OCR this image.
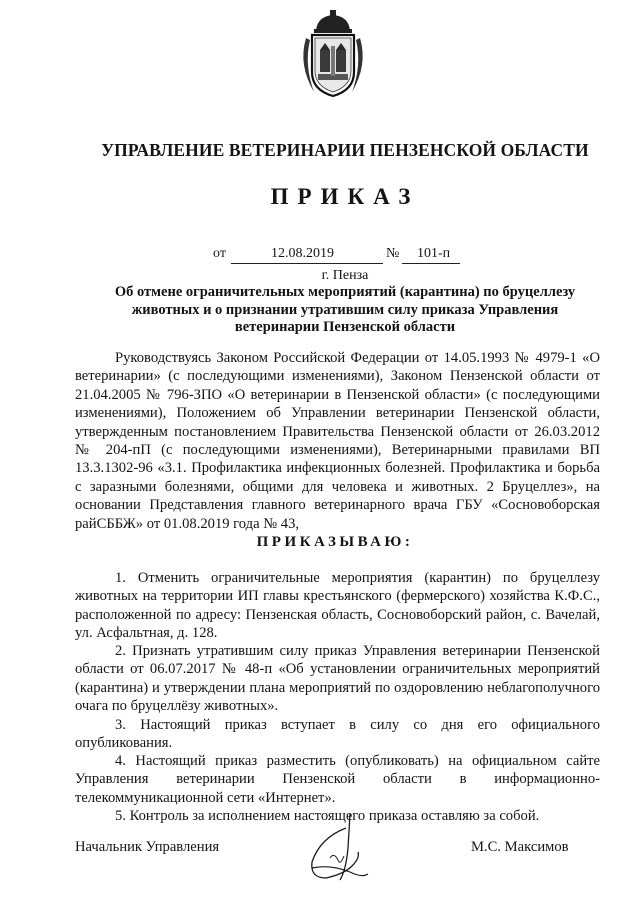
УПРАВЛЕНИЕ ВЕТЕРИНАРИИ ПЕНЗЕНСКОЙ ОБЛАСТИ
ПРИКАЗ
от	12.08.2019	№ 101-п
г. Пенза
Об отмене ограничительных мероприятий (карантина) по бруцеллезу животных и о признании утратившим силу приказа Управления ветеринарии Пензенской области
Руководствуясь Законом Российской Федерации от 14.05.1993 № 4979-1 «О ветеринарии» (с последующими изменениями), Законом Пензенской области от 21.04.2005 № 796-ЗПО «О ветеринарии в Пензенской области» (с последующими изменениями), Положением об Управлении ветеринарии Пензенской области, утвержденным постановлением Правительства Пензенской области от 26.03.2012 № 204-пП (с последующими изменениями), Ветеринарными правилами ВП 13.3.1302-96 «3.1. Профилактика инфекционных болезней. Профилактика и борьба с заразными болезнями, общими для человека и животных. 2 Бруцеллез», на основании Представления главного ветеринарного врача ГБУ «Сосновоборская райСББЖ» от 01.08.2019 года № 43,
ПРИКАЗЫВАЮ:
1. Отменить ограничительные мероприятия (карантин) по бруцеллезу животных на территории ИП главы крестьянского (фермерского) хозяйства К.Ф.С., расположенной по адресу: Пензенская область, Сосновоборский район, с. Вачелай, ул. Асфальтная, д. 128.
2. Признать утратившим силу приказ Управления ветеринарии Пензенской области от 06.07.2017 № 48-п «Об установлении ограничительных мероприятий (карантина) и утверждении плана мероприятий по оздоровлению неблагополучного очага по бруцеллёзу животных».
3. Настоящий приказ вступает в силу со дня его официального опубликования.
4. Настоящий приказ разместить (опубликовать) на официальном сайте Управления ветеринарии Пензенской области в информационно-телекоммуникационной сети «Интернет».
5. Контроль за исполнением настоящего приказа оставляю за собой.
Начальник Управления	М.С. Максимов
